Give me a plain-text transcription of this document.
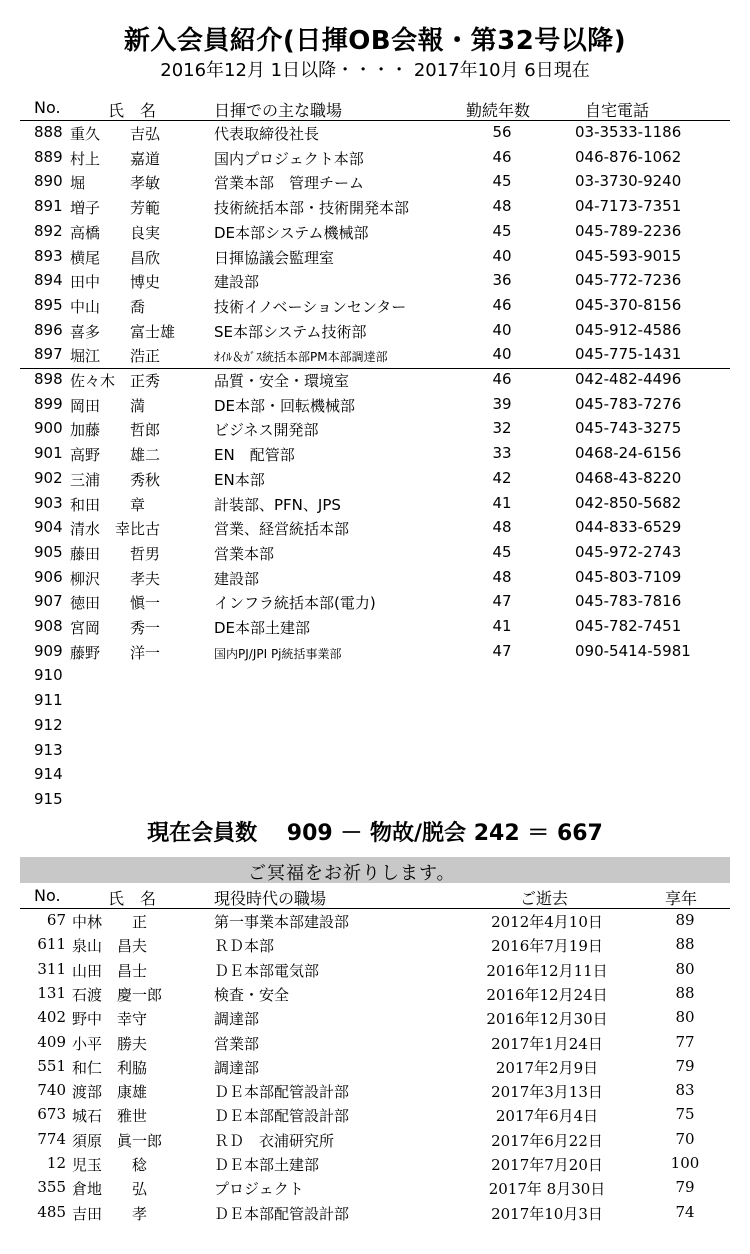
新入会員紹介(日揮OB会報・第32号以降)
2016年12月 1日以降・・・・ 2017年10月 6日現在
No.	氏　名	日揮での主な職場	勤続年数	自宅電話
888 重久　　吉弘	代表取締役社長	56	03-3533-1186
889 村上　　嘉道	国内プロジェクト本部	46	046-876-1062
890 堀　　　孝敏	営業本部　管理チーム	45	03-3730-9240
891 増子　　芳範	技術統括本部・技術開発本部	48	04-7173-7351
892 高橋　　良実	DE本部システム機械部	45	045-789-2236
893 横尾　　昌欣	日揮協議会監理室	40	045-593-9015
894 田中　　博史	建設部	36	045-772-7236
895 中山　　喬	技術イノベーションセンター	46	045-370-8156
896 喜多　　富士雄	SE本部システム技術部	40	045-912-4586
897 堀江　　浩正	ｵｲﾙ＆ｶﾞｽ統括本部PM本部調達部	40	045-775-1431
898 佐々木　正秀	品質・安全・環境室	46	042-482-4496
899 岡田　　満	DE本部・回転機械部	39	045-783-7276
900 加藤　　哲郎	ビジネス開発部	32	045-743-3275
901 高野　　雄二	EN　配管部	33	0468-24-6156
902 三浦　　秀秋	EN本部	42	0468-43-8220
903 和田　　章	計装部、PFN、JPS	41	042-850-5682
904 清水　幸比古	営業、経営統括本部	48	044-833-6529
905 藤田　　哲男	営業本部	45	045-972-2743
906 柳沢　　孝夫	建設部	48	045-803-7109
907 徳田　　愼一	インフラ統括本部(電力)	47	045-783-7816
908 宮岡　　秀一	DE本部土建部	41	045-782-7451
909 藤野　　洋一	国内PJ/JPI Pj統括事業部	47	090-5414-5981
910
911
912
913
914
915
現在会員数　 909 － 物故/脱会 242 ＝ 667
ご冥福をお祈りします。
No.	氏　名	現役時代の職場	ご逝去	享年
67 中林　　正	第一事業本部建設部	2012年4月10日	89
611 泉山　昌夫	ＲＤ本部	2016年7月19日	88
311 山田　昌士	ＤＥ本部電気部	2016年12月11日	80
131 石渡　慶一郎	検査・安全	2016年12月24日	88
402 野中　幸守	調達部	2016年12月30日	80
409 小平　勝夫	営業部	2017年1月24日	77
551 和仁　利脇	調達部	2017年2月9日	79
740 渡部　康雄	ＤＥ本部配管設計部	2017年3月13日	83
673 城石　雅世	ＤＥ本部配管設計部	2017年6月4日	75
774 須原　眞一郎	ＲＤ　衣浦研究所	2017年6月22日	70
12 児玉　　稔	ＤＥ本部土建部	2017年7月20日	100
355 倉地　　弘	プロジェクト	2017年 8月30日	79
485 吉田　　孝	ＤＥ本部配管設計部	2017年10月3日	74
